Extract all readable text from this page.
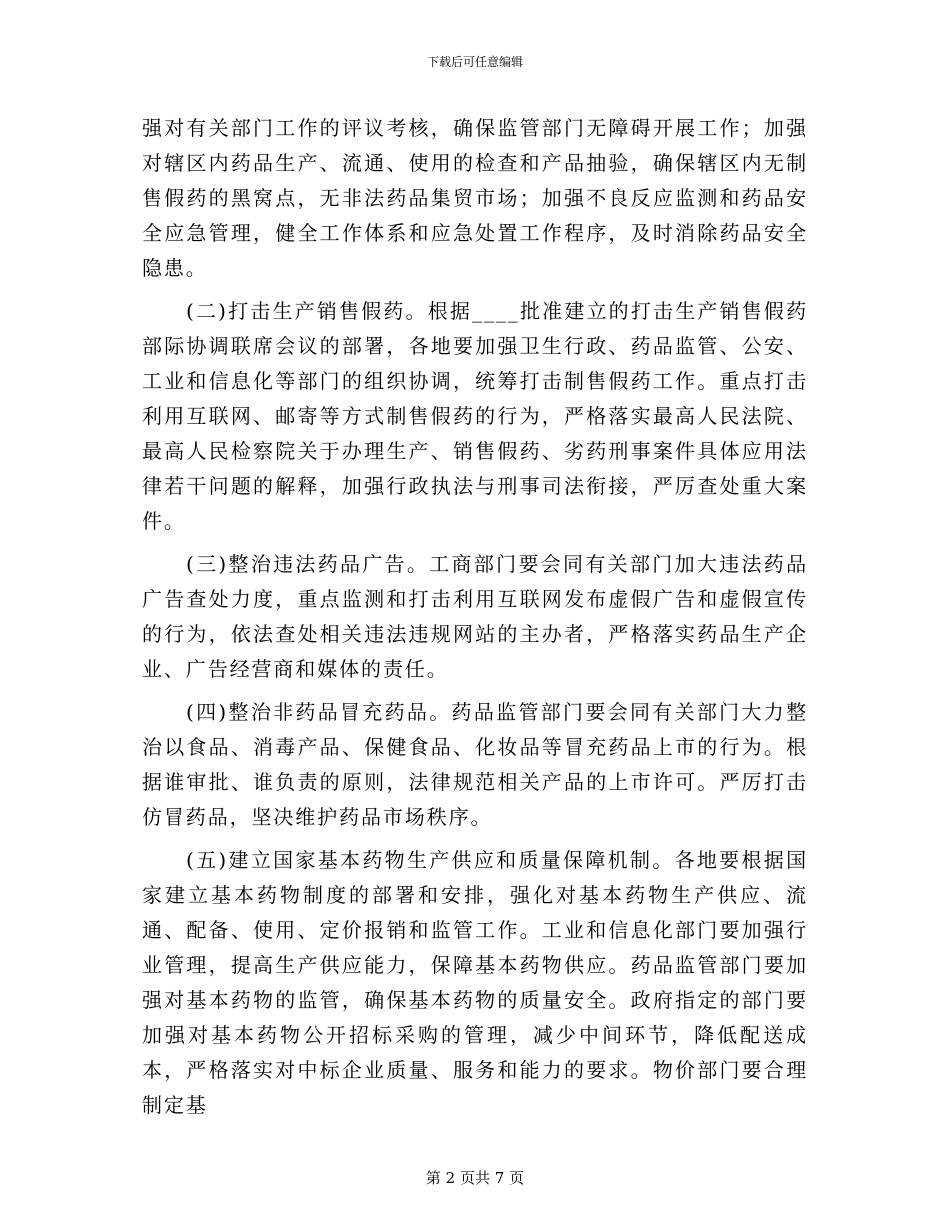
下载后可任意编辑

强对有关部门工作的评议考核，确保监管部门无障碍开展工作；加强对辖区内药品生产、流通、使用的检查和产品抽验，确保辖区内无制售假药的黑窝点，无非法药品集贸市场；加强不良反应监测和药品安全应急管理，健全工作体系和应急处置工作程序，及时消除药品安全隐患。

(二)打击生产销售假药。根据____批准建立的打击生产销售假药部际协调联席会议的部署，各地要加强卫生行政、药品监管、公安、工业和信息化等部门的组织协调，统筹打击制售假药工作。重点打击利用互联网、邮寄等方式制售假药的行为，严格落实最高人民法院、最高人民检察院关于办理生产、销售假药、劣药刑事案件具体应用法律若干问题的解释，加强行政执法与刑事司法衔接，严厉查处重大案件。

(三)整治违法药品广告。工商部门要会同有关部门加大违法药品广告查处力度，重点监测和打击利用互联网发布虚假广告和虚假宣传的行为，依法查处相关违法违规网站的主办者，严格落实药品生产企业、广告经营商和媒体的责任。

(四)整治非药品冒充药品。药品监管部门要会同有关部门大力整治以食品、消毒产品、保健食品、化妆品等冒充药品上市的行为。根据谁审批、谁负责的原则，法律规范相关产品的上市许可。严厉打击仿冒药品，坚决维护药品市场秩序。

(五)建立国家基本药物生产供应和质量保障机制。各地要根据国家建立基本药物制度的部署和安排，强化对基本药物生产供应、流通、配备、使用、定价报销和监管工作。工业和信息化部门要加强行业管理，提高生产供应能力，保障基本药物供应。药品监管部门要加强对基本药物的监管，确保基本药物的质量安全。政府指定的部门要加强对基本药物公开招标采购的管理，减少中间环节，降低配送成本，严格落实对中标企业质量、服务和能力的要求。物价部门要合理制定基

第 2 页共 7 页
